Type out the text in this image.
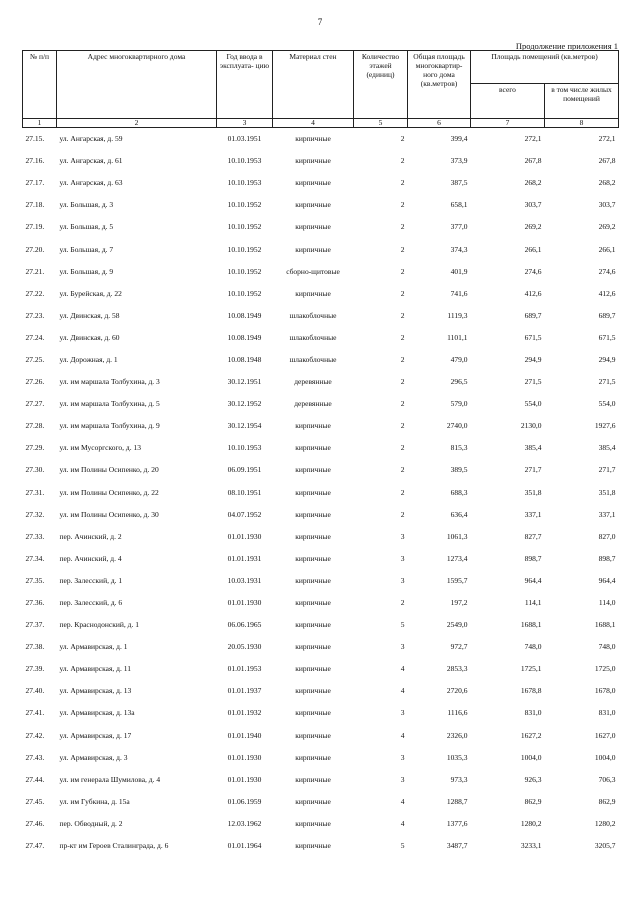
7
Продолжение приложения 1
№ п/п	Адрес многоквартирного дома	Год ввода в эксплуата- цию	Материал стен	Количество этажей (единиц)	Общая площадь многоквартир- ного дома (кв.метров)	Площадь помещений (кв.метров)	
						всего	в том числе жилых помещений
1	2	3	4	5	6	7	8
27.15.	ул. Ангарская, д. 59	01.03.1951	кирпичные	2	399,4	272,1	272,1
27.16.	ул. Ангарская, д. 61	10.10.1953	кирпичные	2	373,9	267,8	267,8
27.17.	ул. Ангарская, д. 63	10.10.1953	кирпичные	2	387,5	268,2	268,2
27.18.	ул. Большая, д. 3	10.10.1952	кирпичные	2	658,1	303,7	303,7
27.19.	ул. Большая, д. 5	10.10.1952	кирпичные	2	377,0	269,2	269,2
27.20.	ул. Большая, д. 7	10.10.1952	кирпичные	2	374,3	266,1	266,1
27.21.	ул. Большая, д. 9	10.10.1952	сборно-щитовые	2	401,9	274,6	274,6
27.22.	ул. Бурейская, д. 22	10.10.1952	кирпичные	2	741,6	412,6	412,6
27.23.	ул. Двинская, д. 58	10.08.1949	шлакоблочные	2	1119,3	689,7	689,7
27.24.	ул. Двинская, д. 60	10.08.1949	шлакоблочные	2	1101,1	671,5	671,5
27.25.	ул. Дорожная, д. 1	10.08.1948	шлакоблочные	2	479,0	294,9	294,9
27.26.	ул. им маршала Толбухина, д. 3	30.12.1951	деревянные	2	296,5	271,5	271,5
27.27.	ул. им маршала Толбухина, д. 5	30.12.1952	деревянные	2	579,0	554,0	554,0
27.28.	ул. им маршала Толбухина, д. 9	30.12.1954	кирпичные	2	2740,0	2130,0	1927,6
27.29.	ул. им Мусоргского, д. 13	10.10.1953	кирпичные	2	815,3	385,4	385,4
27.30.	ул. им Полины Осипенко, д. 20	06.09.1951	кирпичные	2	389,5	271,7	271,7
27.31.	ул. им Полины Осипенко, д. 22	08.10.1951	кирпичные	2	688,3	351,8	351,8
27.32.	ул. им Полины Осипенко, д. 30	04.07.1952	кирпичные	2	636,4	337,1	337,1
27.33.	пер. Ачинский, д. 2	01.01.1930	кирпичные	3	1061,3	827,7	827,0
27.34.	пер. Ачинский, д. 4	01.01.1931	кирпичные	3	1273,4	898,7	898,7
27.35.	пер. Залесский, д. 1	10.03.1931	кирпичные	3	1595,7	964,4	964,4
27.36.	пер. Залесский, д. 6	01.01.1930	кирпичные	2	197,2	114,1	114,0
27.37.	пер. Краснодонский, д. 1	06.06.1965	кирпичные	5	2549,0	1688,1	1688,1
27.38.	ул. Армавирская, д. 1	20.05.1930	кирпичные	3	972,7	748,0	748,0
27.39.	ул. Армавирская, д. 11	01.01.1953	кирпичные	4	2853,3	1725,1	1725,0
27.40.	ул. Армавирская, д. 13	01.01.1937	кирпичные	4	2720,6	1678,8	1678,0
27.41.	ул. Армавирская, д. 13а	01.01.1932	кирпичные	3	1116,6	831,0	831,0
27.42.	ул. Армавирская, д. 17	01.01.1940	кирпичные	4	2326,0	1627,2	1627,0
27.43.	ул. Армавирская, д. 3	01.01.1930	кирпичные	3	1035,3	1004,0	1004,0
27.44.	ул. им генерала Шумилова, д. 4	01.01.1930	кирпичные	3	973,3	926,3	706,3
27.45.	ул. им Губкина, д. 15а	01.06.1959	кирпичные	4	1288,7	862,9	862,9
27.46.	пер. Обводный, д. 2	12.03.1962	кирпичные	4	1377,6	1280,2	1280,2
27.47.	пр-кт им Героев Сталинграда, д. 6	01.01.1964	кирпичные	5	3487,7	3233,1	3205,7
